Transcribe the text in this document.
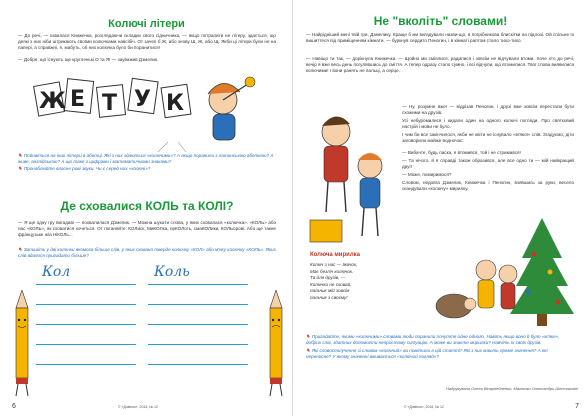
Колючі літери

— До речі, — озвалася Книжечка, розглядаючи складки свого сідничника, — якщо потрапити не літеру, здається, що деякі з них ніби штрикають своїми колючками навсібіч. От зачеп б Ж, або знову Ш, Ж, або Щ. Якби ці літери були не на папері, а справжні, я, мабуть, об них колючка було би поранитися!

— Добре, що існують ще кругленькі О та Я! — зауважив Дзмелик.

Ж Е Т У К

✎ Подивіться на інші літери в абетці. Які з них здаються «колючими»? А якщо поранили з латинською абеткою? А живе, англійською? А що таке з цифрами і математичними знаками?

✎ Пронаблюйте власне рові звуки. Чи є серед них «колючі»?

Де сховалися КОЛЬ та КОЛІ?

— Я ще одну гру вигадав! — похвалилася Дзмелик. — Можна шукати слова, у яких сховалася «колючка». «КОЛЬ» або нас «КОЛЬ», як сховатися хочеться. От поганяйте: КОЛиск, МиКОЛка, прКОЛоть, смаКОЛики, КОЛЬорові. Або ще такне французьке ж/а НіКОЛь...

✎ Запишіть у дві колонки якомога більше слів, у яких сховано тверде колючку «КОЛ» або м'яку колючку «КОЛЬ». Яких слів вдалося пригадати більше?

Кол	Коль
6	© «Дзвінок», 2016, № 12
Не "вколіть" словами!

— Найрідніший мені твій гри, Дзмелику. Краще б ми вигадували назви-що, в погрібникова блискітки на підлозі. Ой спільне їх вишиттеся під приміщенням кімнати, — буркнув сердито Пеногин, і в кімнаті раптом стало тихо-тихо.

— Навіщо ти так, — дорікнула Книжечка. — Щойно ми сміялися, радилися і зовсім не відчували втоми. Хоче хто до речі, вечір я вже весь день погулявшись до сміття. А тепер одразу стало сумно, і всі відчули, що втомилися. Твої слова виявилися колючими! І вони ранять не пальці, а серце.

— Ну, розумне вже! — відрізав Пеногин, і друзі вже зовсім перестали бути схожими на друзів.

Усі небуромилися і кидали один на одного колючі погляди. Про святковий настрій і мови не було.

І чим би все закінчилося, якби не квіти не існувало «м'якої» слів. Згадуємо, діти заговорили майже водночас:

— Вибачте, будь ласка, я втомився, той і не стримався!

— Та нічого, й я справді також образився, але все одно ти — мій найкращий друг!

— Може, помиримося?

Словом, недовга Дзмелик, Книжечка і Пеногин, взявшись за руки, весело скандували «колючу» мирилку.

Колюча мирилка
Колюч з нас — їжачок,
Має безліч колючок.
Та для друзів, —
Колючки не сховай,
пальчик мій зовсім
пальчик з своєму!

✎ Пригадайте, якими «колючими» словами люди поранили почуття одне одного. Навіть якщо воно й було «м'яке», добрих слів, здатних допомогти непростому ситуацію. А може ви знаєте мирилки? Навчіть їх своїх друзів.

✎ Які словосполучення зі словом «колючий» ви помітили в цій статті? Які з них мають пряме значення? А які переносне? У якому значенні вживається «колючий погляд»?

Надрукувала Олеся Вінярлейненко. Малюнки Олександри Шестакової
© «Дзвінок», 2016, № 12	7
